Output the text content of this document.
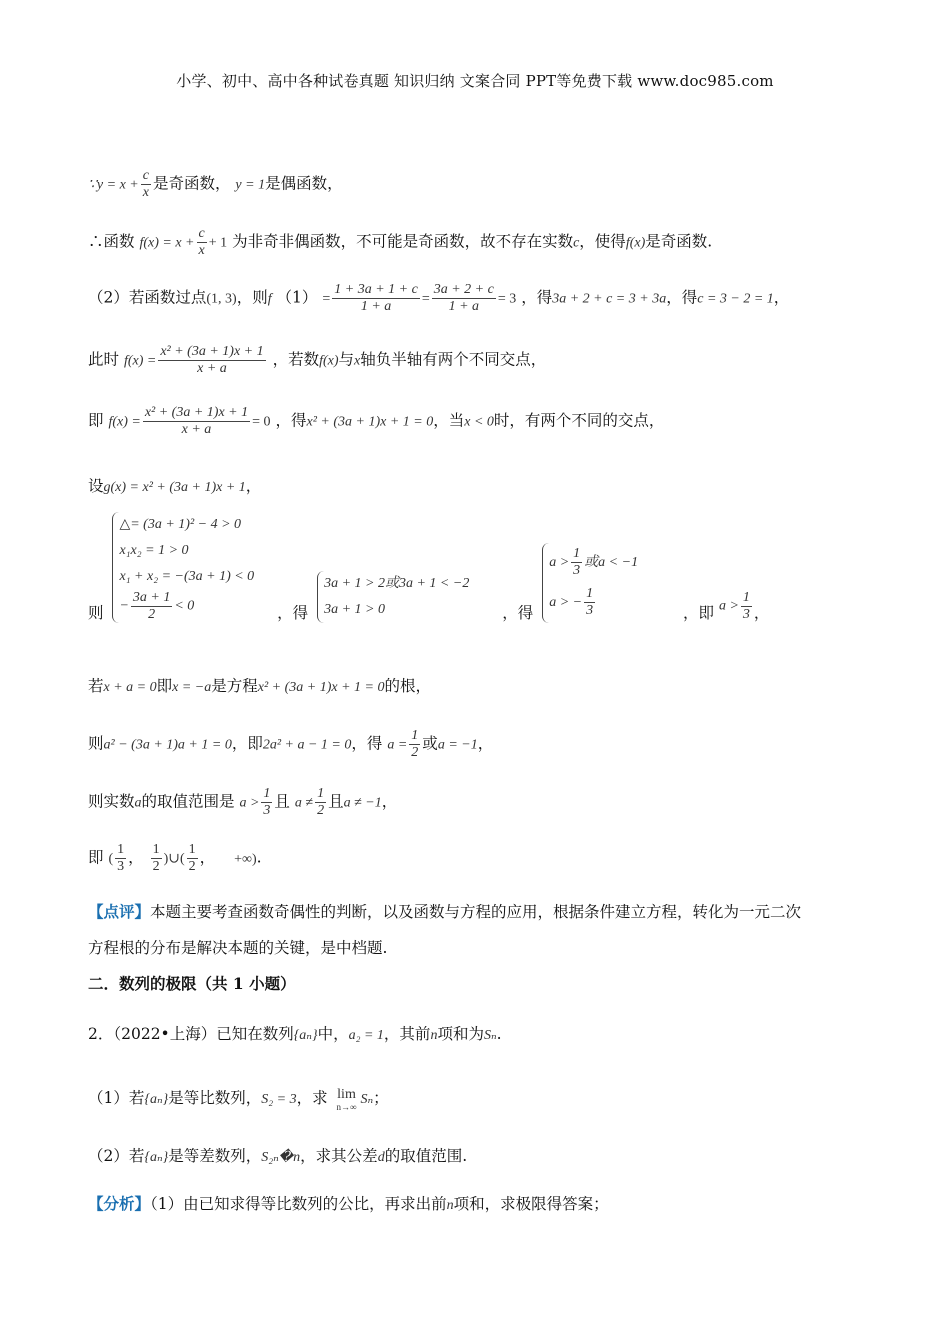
小学、初中、高中各种试卷真题 知识归纳 文案合同 PPT等免费下载 www.doc985.com
∵y = $x + \frac{c}{x}$ 是奇函数， y = 1是偶函数，
∴函数 $f(x) = x + \frac{c}{x} + 1$ 为非奇非偶函数，不可能是奇函数，故不存在实数c，使得f(x)是奇函数.
（2）若函数过点(1, 3)，则f $(1) = \frac{1 + 3a + 1 + c}{1 + a} = \frac{3a + 2 + c}{1 + a} = 3$ ，得3a + 2 + c = 3 + 3a，得c = 3 − 2 = 1，
此时 $f(x) = \frac{\text{x² + (3a + 1)x + 1}}{x + a}$ ，若数f(x)与x轴负半轴有两个不同交点，
即 $f(x) = \frac{\text{x² + (3a + 1)x + 1}}{x + a} = 0$ ，得x² + (3a + 1)x + 1 = 0，当x < 0时，有两个不同的交点，
设g(x) = x² + (3a + 1)x + 1，
则
△= (3a + 1)² − 4 > 0
x₁x₂ = 1 > 0
x₁ + x₂ = −(3a + 1) < 0
− $\frac{3a + 1}{2} < 0$	，得
3a + 1 > 2或3a + 1 < −2
3a + 1 > 0	，得
$a > \frac{1}{3}$ 或a < −1
a > − $\frac{1}{3}$	，即 $a > \frac{1}{3}$ ，
若x + a = 0即x = −a是方程x² + (3a + 1)x + 1 = 0的根，
则a² − (3a + 1)a + 1 = 0，即2a² + a − 1 = 0，得 $a = \frac{1}{2}$ 或a = −1，
则实数a的取值范围是 $a > \frac{1}{3}$ 且 $a \ne \frac{1}{2}$ 且a ≠ −1，
即 ( $\frac{1}{3}$ ， $\frac{1}{2}$ )∪( $\frac{1}{2}$ ， +∞).
【点评】本题主要考查函数奇偶性的判断，以及函数与方程的应用，根据条件建立方程，转化为一元二次
方程根的分布是解决本题的关键，是中档题.
二．数列的极限（共 1 小题）
2．（2022•上海）已知在数列{aₙ}中，a₂ = 1，其前n项和为Sₙ.
（1）若{aₙ}是等比数列，S₂ = 3，求 lim
n→∞ Sₙ；
（2）若{aₙ}是等差数列，S₂ₙ�n，求其公差d的取值范围.
【分析】（1）由已知求得等比数列的公比，再求出前n项和，求极限得答案；
